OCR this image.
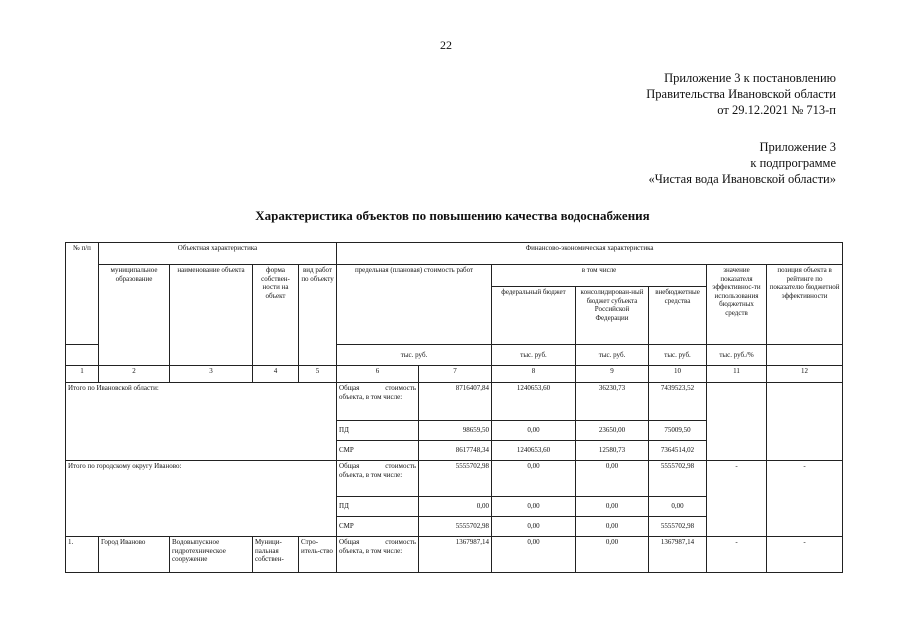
22
Приложение 3 к постановлению
Правительства Ивановской области
от 29.12.2021 № 713-п
Приложение 3
к подпрограмме
«Чистая вода Ивановской области»
Характеристика объектов по повышению качества водоснабжения
№ п/п	Объектная характеристика				Финансово-экономическая характеристика						
	муниципальное образование	наименование объекта	форма собствен-ности на объект	вид работ по объекту	предельная (плановая) стоимость работ		в том числе			значение показателя эффективнос-ти использования бюджетных средств	позиция объекта в рейтинге по показателю бюджетной эффективности
							федеральный бюджет	консолидирован-ный бюджет субъекта Российской Федерации	внебюджетные средства		
					тыс. руб.		тыс. руб.	тыс. руб.	тыс. руб.	тыс. руб./%	
1	2	3	4	5	6	7	8	9	10	11	12
Итого по Ивановской области:					Общая стоимость объекта, в том числе:	8716407,84	1240653,60	36230,73	7439523,52		
					ПД	98659,50	0,00	23650,00	75009,50		
					СМР	8617748,34	1240653,60	12580,73	7364514,02		
Итого по городскому округу Иваново:					Общая стоимость объекта, в том числе:	5555702,98	0,00	0,00	5555702,98	-	-
					ПД	0,00	0,00	0,00	0,00		
					СМР	5555702,98	0,00	0,00	5555702,98		
1.	Город Иваново	Водовыпускное гидротехническое сооружение	Муници-пальная собствен-	Стро-итель-ство	Общая стоимость объекта, в том числе:	1367987,14	0,00	0,00	1367987,14	-	-
